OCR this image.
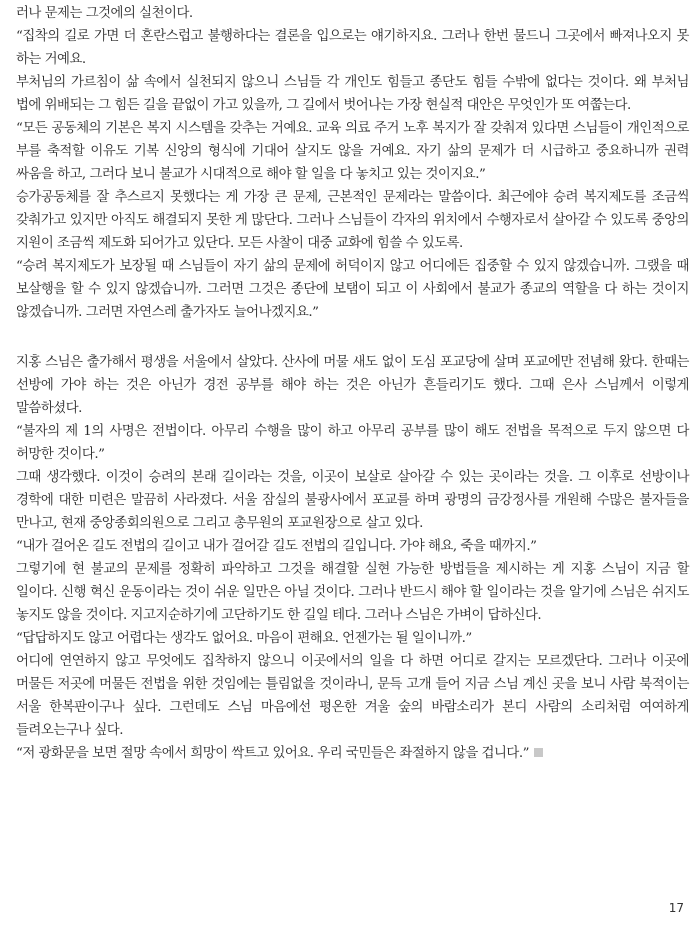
러나 문제는 그것에의 실천이다.

“집착의 길로 가면 더 혼란스럽고 불행하다는 결론을 입으로는 얘기하지요. 그러나 한번 물드니 그곳에서 빠져나오지 못 하는 거예요.

부처님의 가르침이 삶 속에서 실천되지 않으니 스님들 각 개인도 힘들고 종단도 힘들 수밖에 없다는 것이다. 왜 부처님 법에 위배되는 그 힘든 길을 끝없이 가고 있을까, 그 길에서 벗어나는 가장 현실적 대안은 무엇인가 또 여쭙는다.

“모든 공동체의 기본은 복지 시스템을 갖추는 거예요. 교육 의료 주거 노후 복지가 잘 갖춰져 있다면 스님들이 개인적으로 부를 축적할 이유도 기복 신앙의 형식에 기대어 살지도 않을 거예요. 자기 삶의 문제가 더 시급하고 중요하니까 권력 싸움을 하고, 그러다 보니 불교가 시대적으로 해야 할 일을 다 놓치고 있는 것이지요.”

승가공동체를 잘 추스르지 못했다는 게 가장 큰 문제, 근본적인 문제라는 말씀이다. 최근에야 승려 복지제도를 조금씩 갖춰가고 있지만 아직도 해결되지 못한 게 많단다. 그러나 스님들이 각자의 위치에서 수행자로서 살아갈 수 있도록 중앙의 지원이 조금씩 제도화 되어가고 있단다. 모든 사찰이 대중 교화에 힘쓸 수 있도록.

“승려 복지제도가 보장될 때 스님들이 자기 삶의 문제에 허덕이지 않고 어디에든 집중할 수 있지 않겠습니까. 그랬을 때 보살행을 할 수 있지 않겠습니까. 그러면 그것은 종단에 보탬이 되고 이 사회에서 불교가 종교의 역할을 다 하는 것이지 않겠습니까. 그러면 자연스레 출가자도 늘어나겠지요.”

지홍 스님은 출가해서 평생을 서울에서 살았다. 산사에 머물 새도 없이 도심 포교당에 살며 포교에만 전념해 왔다. 한때는 선방에 가야 하는 것은 아닌가 경전 공부를 해야 하는 것은 아닌가 흔들리기도 했다. 그때 은사 스님께서 이렇게 말씀하셨다.

“불자의 제 1의 사명은 전법이다. 아무리 수행을 많이 하고 아무리 공부를 많이 해도 전법을 목적으로 두지 않으면 다 허망한 것이다.”

그때 생각했다. 이것이 승려의 본래 길이라는 것을, 이곳이 보살로 살아갈 수 있는 곳이라는 것을. 그 이후로 선방이나 경학에 대한 미련은 말끔히 사라졌다. 서울 잠실의 불광사에서 포교를 하며 광명의 금강정사를 개원해 수많은 불자들을 만나고, 현재 중앙종회의원으로 그리고 총무원의 포교원장으로 살고 있다.

“내가 걸어온 길도 전법의 길이고 내가 걸어갈 길도 전법의 길입니다. 가야 해요, 죽을 때까지.”

그렇기에 현 불교의 문제를 정확히 파악하고 그것을 해결할 실현 가능한 방법들을 제시하는 게 지홍 스님이 지금 할 일이다. 신행 혁신 운동이라는 것이 쉬운 일만은 아닐 것이다. 그러나 반드시 해야 할 일이라는 것을 알기에 스님은 쉬지도 놓지도 않을 것이다. 지고지순하기에 고단하기도 한 길일 테다. 그러나 스님은 가벼이 답하신다.

“답답하지도 않고 어렵다는 생각도 없어요. 마음이 편해요. 언젠가는 될 일이니까.”

어디에 연연하지 않고 무엇에도 집착하지 않으니 이곳에서의 일을 다 하면 어디로 갈지는 모르겠단다. 그러나 이곳에 머물든 저곳에 머물든 전법을 위한 것임에는 틀림없을 것이라니, 문득 고개 들어 지금 스님 계신 곳을 보니 사람 북적이는 서울 한복판이구나 싶다. 그런데도 스님 마음에선 평온한 겨울 숲의 바람소리가 본디 사람의 소리처럼 여여하게 들려오는구나 싶다.

“저 광화문을 보면 절망 속에서 희망이 싹트고 있어요. 우리 국민들은 좌절하지 않을 겁니다.”

17
